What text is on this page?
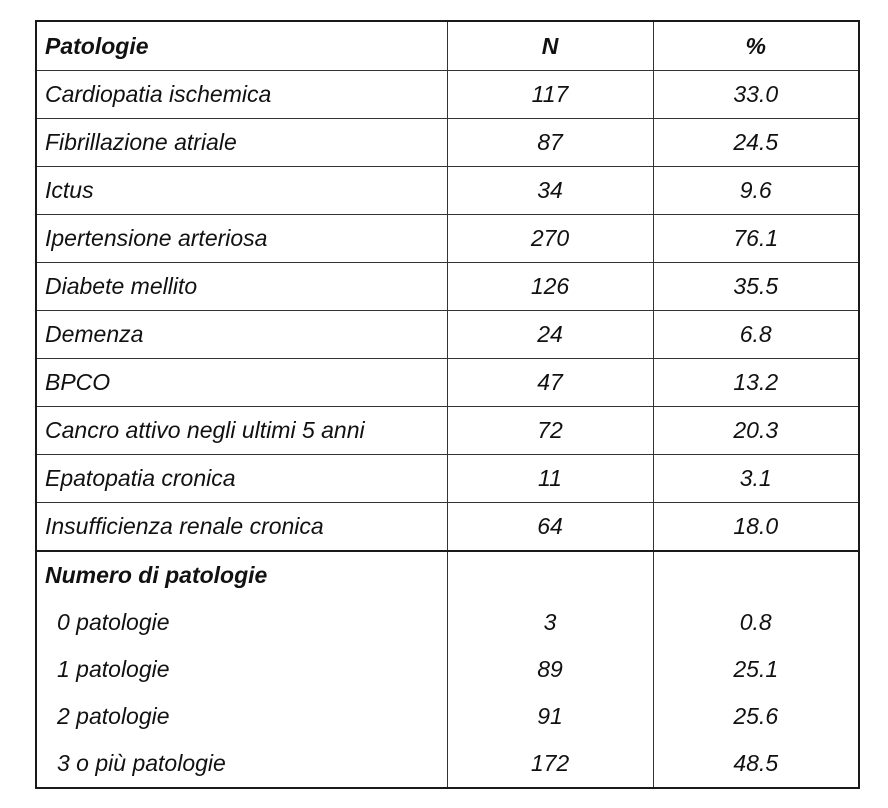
Patologie	N	%
Cardiopatia ischemica	117	33.0
Fibrillazione atriale	87	24.5
Ictus	34	9.6
Ipertensione arteriosa	270	76.1
Diabete mellito	126	35.5
Demenza	24	6.8
BPCO	47	13.2
Cancro attivo negli ultimi 5 anni	72	20.3
Epatopatia cronica	11	3.1
Insufficienza renale cronica	64	18.0
Numero di patologie		
0 patologie	3	0.8
1 patologie	89	25.1
2 patologie	91	25.6
3 o più patologie	172	48.5
